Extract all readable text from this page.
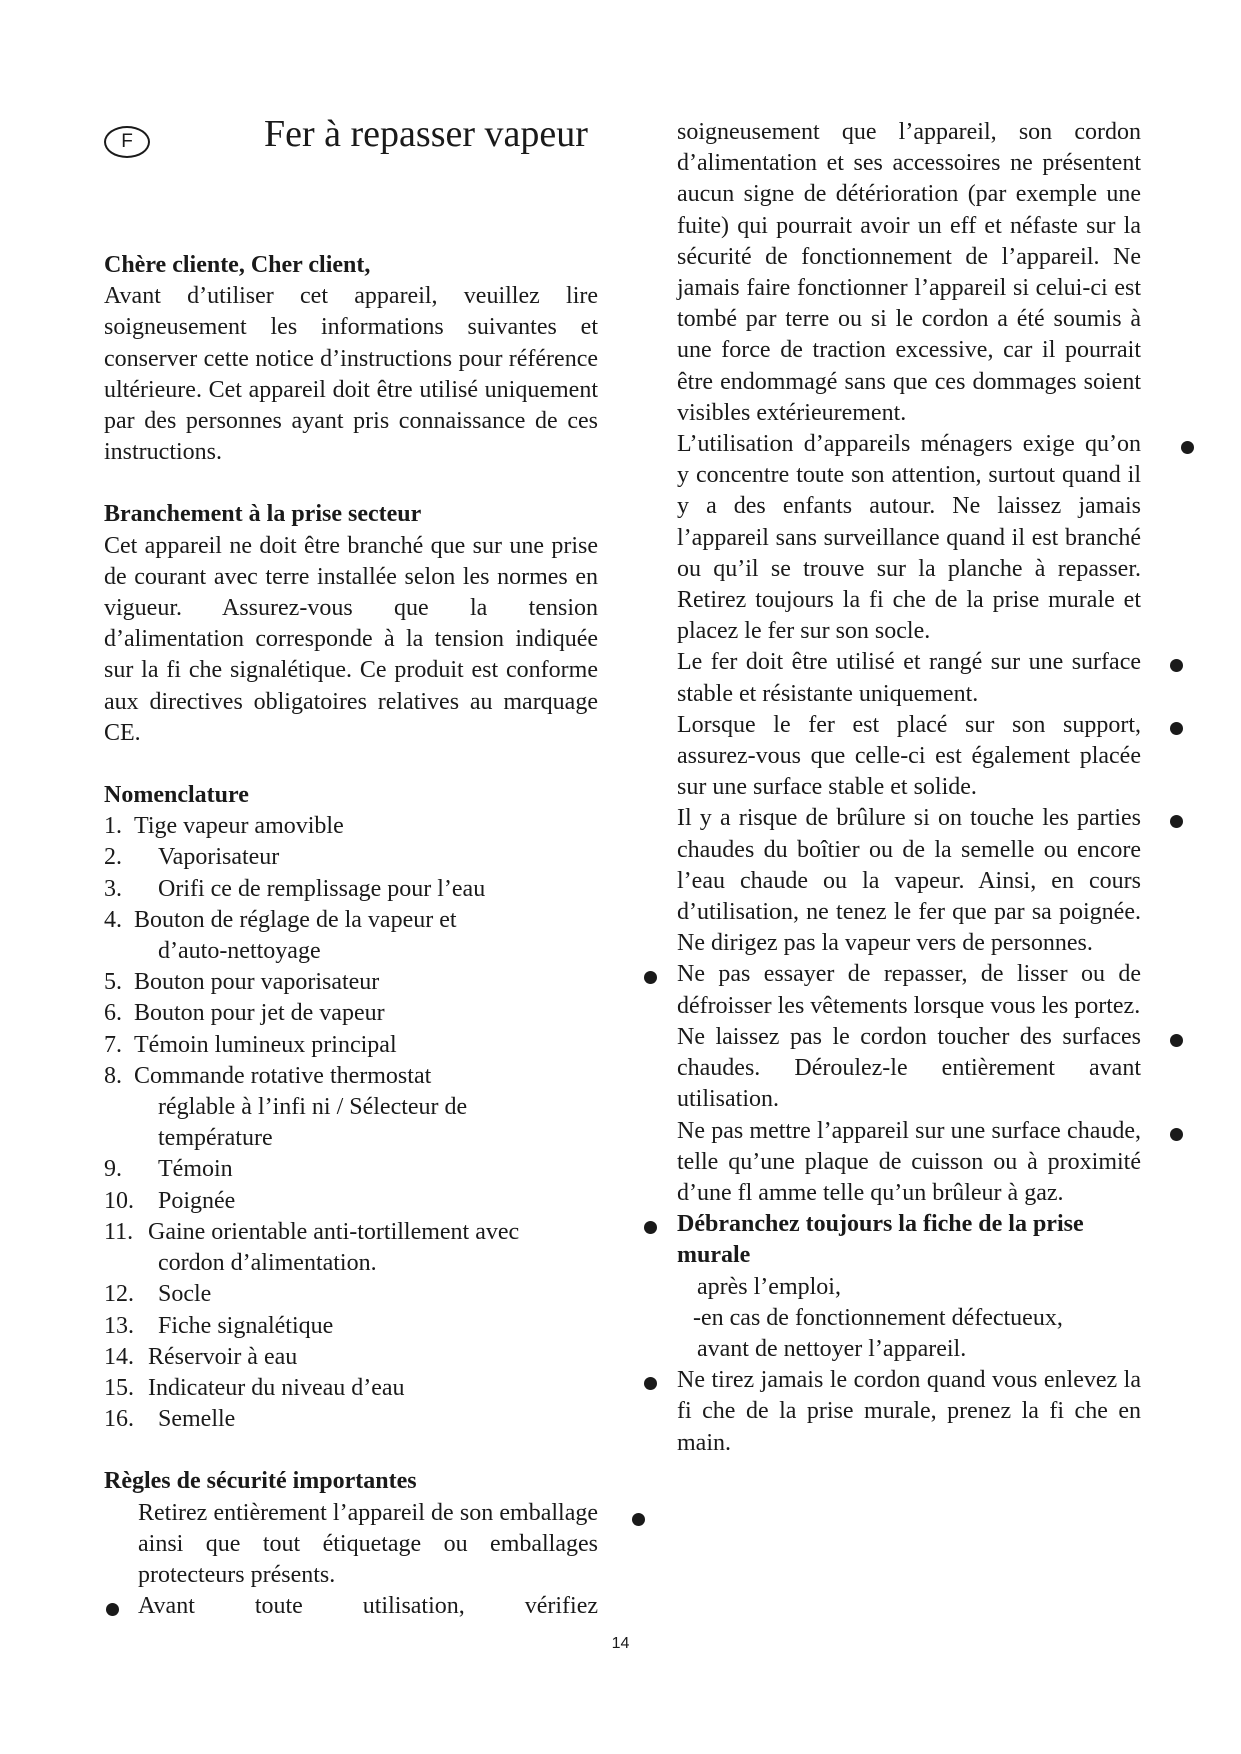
F	Fer à repasser vapeur
Chère cliente, Cher client,
Avant d’utiliser cet appareil, veuillez lire soigneusement les informations suivantes et conserver cette notice d’instructions pour référence ultérieure. Cet appareil doit être utilisé uniquement par des personnes ayant pris connaissance de ces instructions.
Branchement à la prise secteur
Cet appareil ne doit être branché que sur une prise de courant avec terre installée selon les normes en vigueur. Assurez-vous que la tension d’alimentation corresponde à la tension indiquée sur la fi che signalétique. Ce produit est conforme aux directives obligatoires relatives au marquage CE.
Nomenclature
1. Tige vapeur amovible
2.	Vaporisateur
3.	Orifi ce de remplissage pour l’eau
4. Bouton de réglage de la vapeur et
d’auto-nettoyage
5. Bouton pour vaporisateur
6. Bouton pour jet de vapeur
7. Témoin lumineux principal
8. Commande rotative thermostat
réglable à l’infi ni / Sélecteur de
température
9.	Témoin
10.	Poignée
11. Gaine orientable anti-tortillement avec
cordon d’alimentation.
12.	Socle
13.	Fiche signalétique
14. Réservoir à eau
15. Indicateur du niveau d’eau
16.	Semelle
Règles de sécurité importantes
Retirez entièrement l’appareil de son emballage ainsi que tout étiquetage ou emballages protecteurs présents.
Avant toute utilisation, vérifiez
soigneusement que l’appareil, son cordon d’alimentation et ses accessoires ne présentent aucun signe de détérioration (par exemple une fuite) qui pourrait avoir un eff et néfaste sur la sécurité de fonctionnement de l’appareil. Ne jamais faire fonctionner l’appareil si celui-ci est tombé par terre ou si le cordon a été soumis à une force de traction excessive, car il pourrait être endommagé sans que ces dommages soient visibles extérieurement.
L’utilisation d’appareils ménagers exige qu’on y concentre toute son attention, surtout quand il y a des enfants autour. Ne laissez jamais l’appareil sans surveillance quand il est branché ou qu’il se trouve sur la planche à repasser. Retirez toujours la fi che de la prise murale et placez le fer sur son socle.
Le fer doit être utilisé et rangé sur une surface stable et résistante uniquement.
Lorsque le fer est placé sur son support, assurez-vous que celle-ci est également placée sur une surface stable et solide.
Il y a risque de brûlure si on touche les parties chaudes du boîtier ou de la semelle ou encore l’eau chaude ou la vapeur. Ainsi, en cours d’utilisation, ne tenez le fer que par sa poignée. Ne dirigez pas la vapeur vers de personnes.
Ne pas essayer de repasser, de lisser ou de défroisser les vêtements lorsque vous les portez.
Ne laissez pas le cordon toucher des surfaces chaudes. Déroulez-le entièrement avant utilisation.
Ne pas mettre l’appareil sur une surface chaude, telle qu’une plaque de cuisson ou à proximité d’une fl amme telle qu’un brûleur à gaz.
Débranchez toujours la fiche de la prise murale
après l’emploi,
-en cas de fonctionnement défectueux,
avant de nettoyer l’appareil.
Ne tirez jamais le cordon quand vous enlevez la fi che de la prise murale, prenez la fi che en main.
14
